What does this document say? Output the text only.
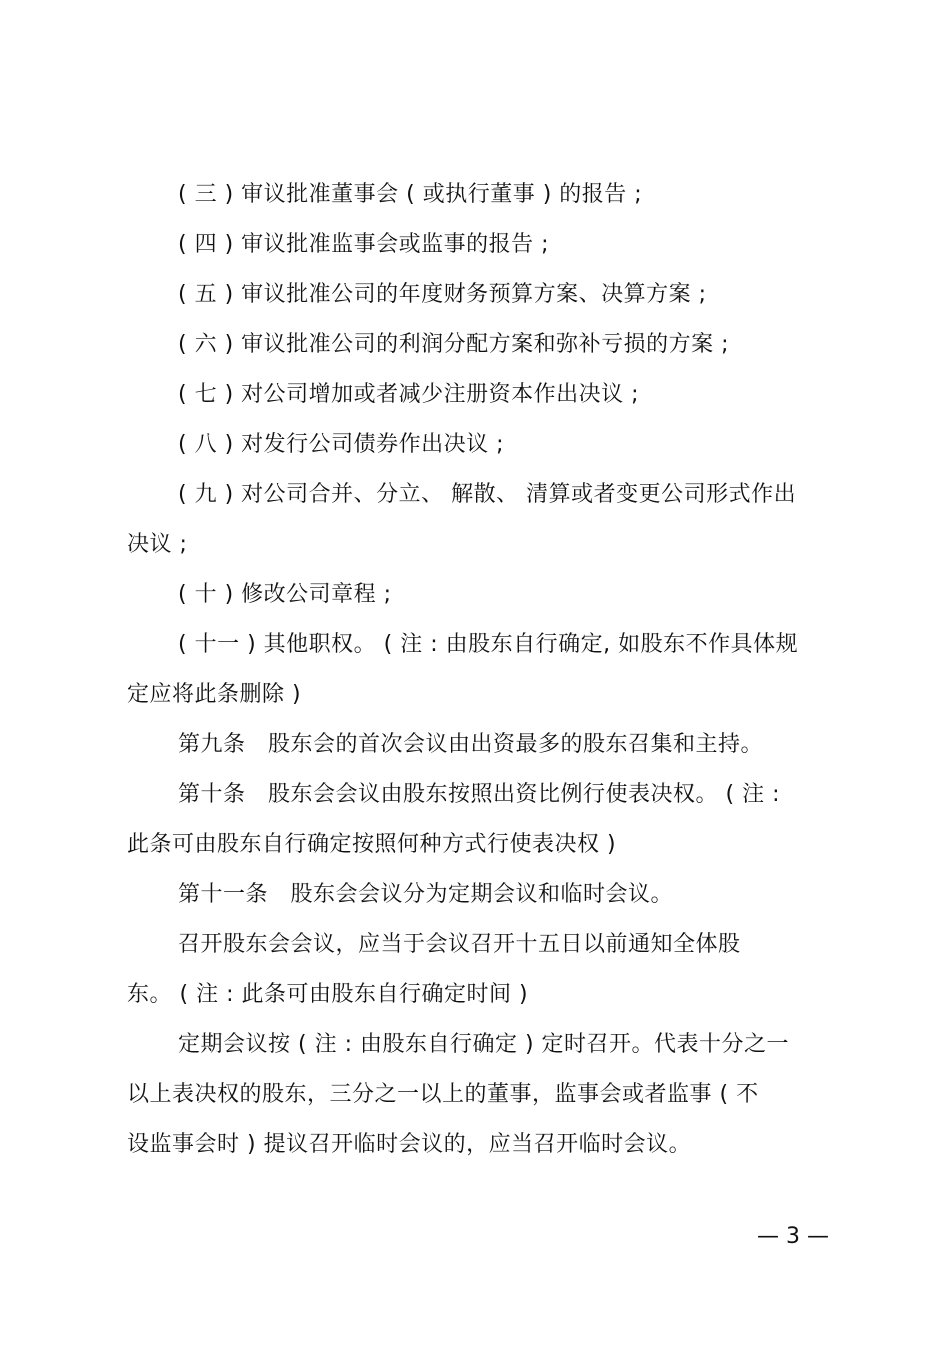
( 三 ) 审议批准董事会 ( 或执行董事 ) 的报告 ;
( 四 ) 审议批准监事会或监事的报告 ;
( 五 ) 审议批准公司的年度财务预算方案、决算方案 ;
( 六 ) 审议批准公司的利润分配方案和弥补亏损的方案 ;
( 七 ) 对公司增加或者减少注册资本作出决议 ;
( 八 ) 对发行公司债券作出决议 ;
( 九 ) 对公司合并、分立、 解散、 清算或者变更公司形式作出
决议 ;
( 十 ) 修改公司章程 ;
( 十一 ) 其他职权。 ( 注 : 由股东自行确定, 如股东不作具体规
定应将此条删除 )
第九条　股东会的首次会议由出资最多的股东召集和主持。
第十条　股东会会议由股东按照出资比例行使表决权。 ( 注 :
此条可由股东自行确定按照何种方式行使表决权 )
第十一条　股东会会议分为定期会议和临时会议。
召开股东会会议，应当于会议召开十五日以前通知全体股
东。 ( 注 : 此条可由股东自行确定时间 )
定期会议按 ( 注 : 由股东自行确定 ) 定时召开。代表十分之一
以上表决权的股东，三分之一以上的董事，监事会或者监事 ( 不
设监事会时 ) 提议召开临时会议的，应当召开临时会议。
— 3 —
